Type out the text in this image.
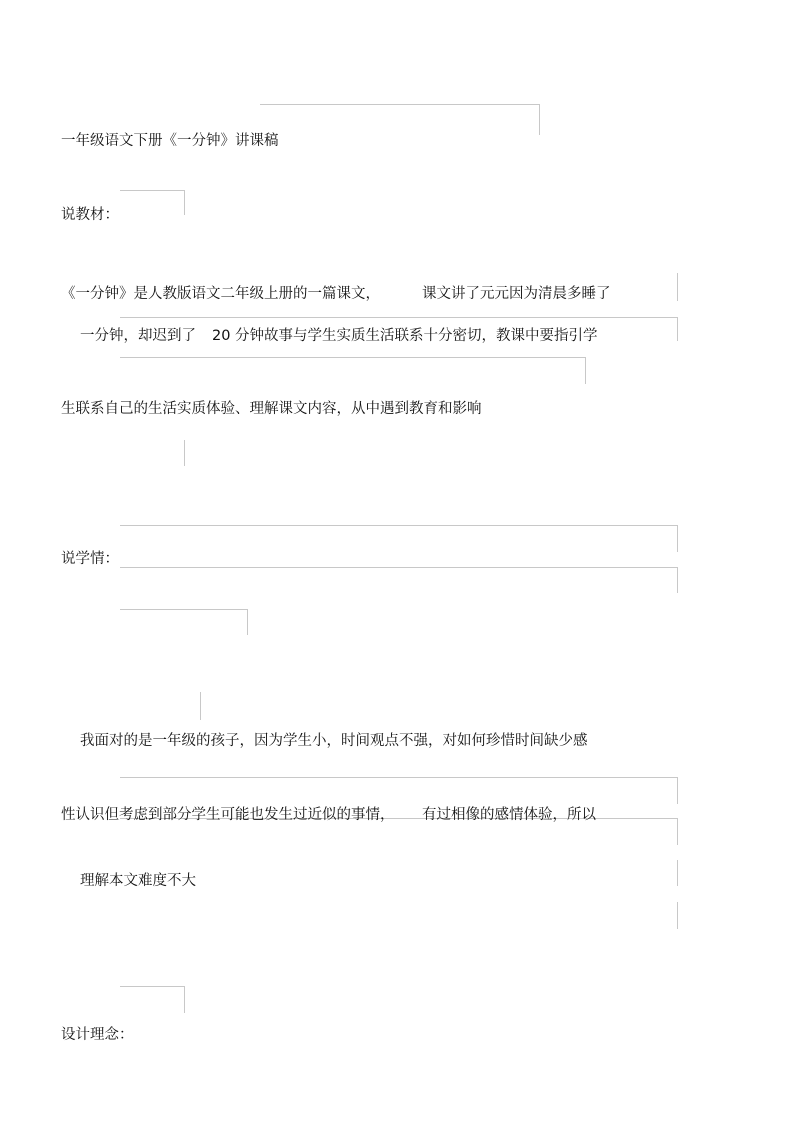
一年级语文下册《一分钟》讲课稿
说教材：
《一分钟》是人教版语文二年级上册的一篇课文，	课文讲了元元因为清晨多睡了
一分钟，却迟到了 20 分钟故事与学生实质生活联系十分密切，教课中要指引学
生联系自己的生活实质体验、理解课文内容，从中遇到教育和影响
说学情：
我面对的是一年级的孩子，因为学生小，时间观点不强，对如何珍惜时间缺少感
性认识但考虑到部分学生可能也发生过近似的事情， 有过相像的感情体验，所以
理解本文难度不大
设计理念：
